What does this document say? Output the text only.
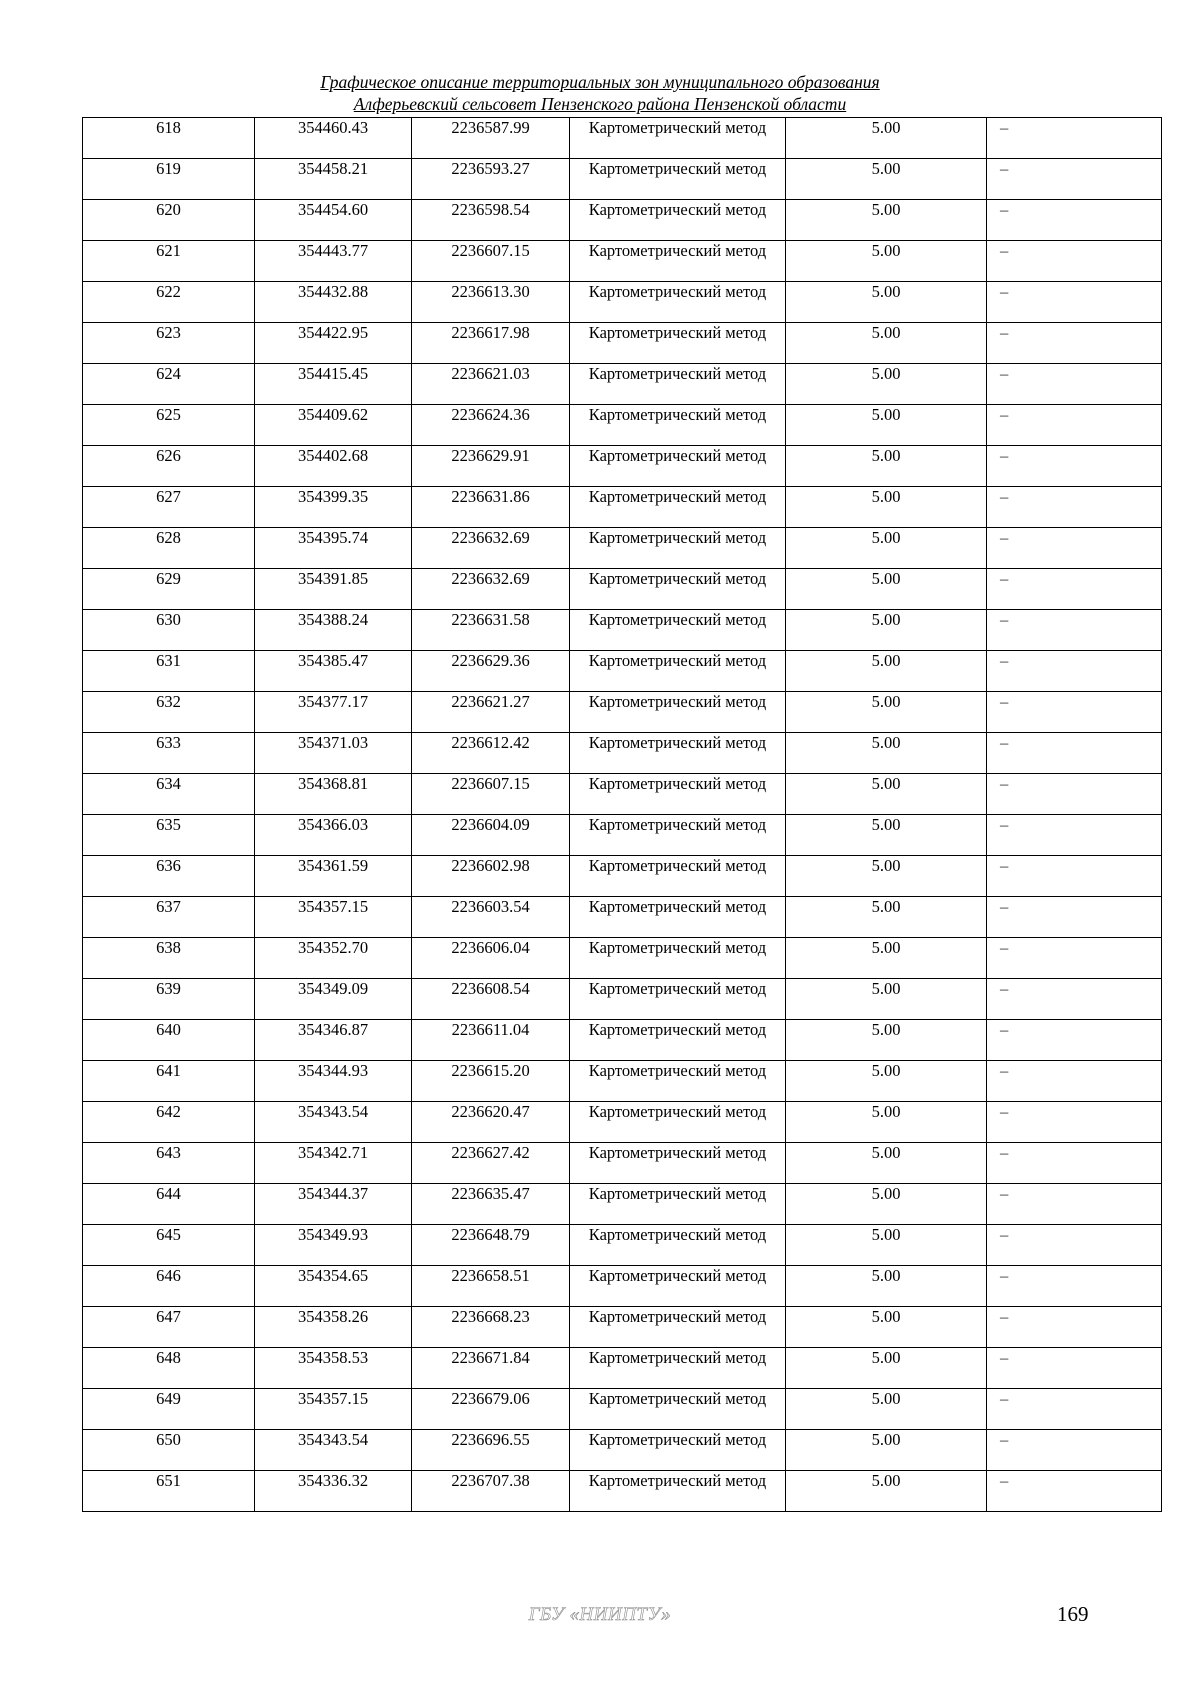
Графическое описание территориальных зон муниципального образования
Алферьевский сельсовет Пензенского района Пензенской области
618	354460.43	2236587.99	Картометрический метод	5.00	–
619	354458.21	2236593.27	Картометрический метод	5.00	–
620	354454.60	2236598.54	Картометрический метод	5.00	–
621	354443.77	2236607.15	Картометрический метод	5.00	–
622	354432.88	2236613.30	Картометрический метод	5.00	–
623	354422.95	2236617.98	Картометрический метод	5.00	–
624	354415.45	2236621.03	Картометрический метод	5.00	–
625	354409.62	2236624.36	Картометрический метод	5.00	–
626	354402.68	2236629.91	Картометрический метод	5.00	–
627	354399.35	2236631.86	Картометрический метод	5.00	–
628	354395.74	2236632.69	Картометрический метод	5.00	–
629	354391.85	2236632.69	Картометрический метод	5.00	–
630	354388.24	2236631.58	Картометрический метод	5.00	–
631	354385.47	2236629.36	Картометрический метод	5.00	–
632	354377.17	2236621.27	Картометрический метод	5.00	–
633	354371.03	2236612.42	Картометрический метод	5.00	–
634	354368.81	2236607.15	Картометрический метод	5.00	–
635	354366.03	2236604.09	Картометрический метод	5.00	–
636	354361.59	2236602.98	Картометрический метод	5.00	–
637	354357.15	2236603.54	Картометрический метод	5.00	–
638	354352.70	2236606.04	Картометрический метод	5.00	–
639	354349.09	2236608.54	Картометрический метод	5.00	–
640	354346.87	2236611.04	Картометрический метод	5.00	–
641	354344.93	2236615.20	Картометрический метод	5.00	–
642	354343.54	2236620.47	Картометрический метод	5.00	–
643	354342.71	2236627.42	Картометрический метод	5.00	–
644	354344.37	2236635.47	Картометрический метод	5.00	–
645	354349.93	2236648.79	Картометрический метод	5.00	–
646	354354.65	2236658.51	Картометрический метод	5.00	–
647	354358.26	2236668.23	Картометрический метод	5.00	–
648	354358.53	2236671.84	Картометрический метод	5.00	–
649	354357.15	2236679.06	Картометрический метод	5.00	–
650	354343.54	2236696.55	Картометрический метод	5.00	–
651	354336.32	2236707.38	Картометрический метод	5.00	–
ГБУ «НИИПТУ»	169
